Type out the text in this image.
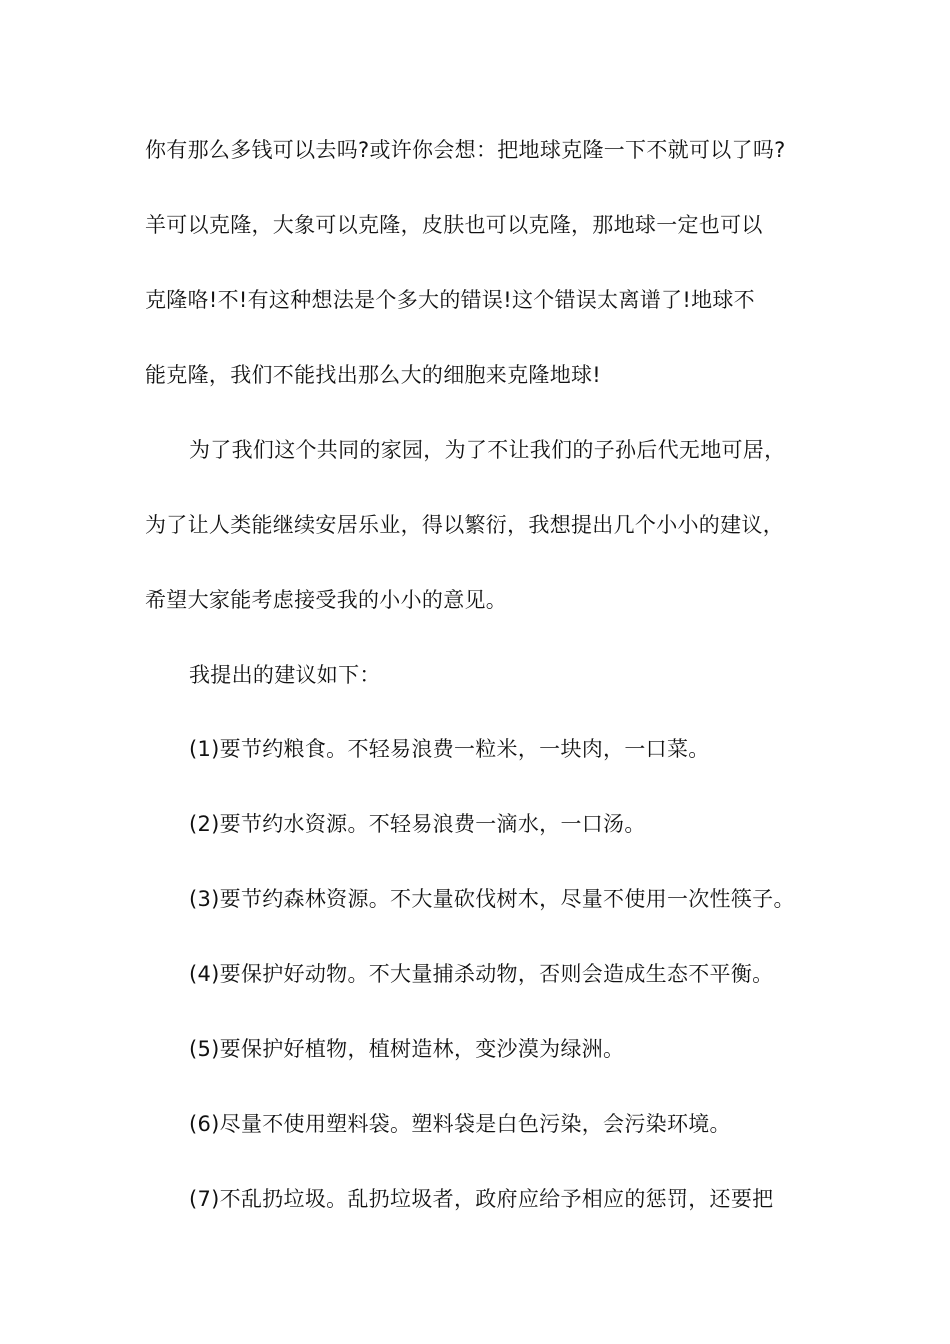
你有那么多钱可以去吗?或许你会想：把地球克隆一下不就可以了吗?
羊可以克隆，大象可以克隆，皮肤也可以克隆，那地球一定也可以
克隆咯!不!有这种想法是个多大的错误!这个错误太离谱了!地球不
能克隆，我们不能找出那么大的细胞来克隆地球!
为了我们这个共同的家园，为了不让我们的子孙后代无地可居，
为了让人类能继续安居乐业，得以繁衍，我想提出几个小小的建议，
希望大家能考虑接受我的小小的意见。
我提出的建议如下：
(1)要节约粮食。不轻易浪费一粒米，一块肉，一口菜。
(2)要节约水资源。不轻易浪费一滴水，一口汤。
(3)要节约森林资源。不大量砍伐树木，尽量不使用一次性筷子。
(4)要保护好动物。不大量捕杀动物，否则会造成生态不平衡。
(5)要保护好植物，植树造林，变沙漠为绿洲。
(6)尽量不使用塑料袋。塑料袋是白色污染，会污染环境。
(7)不乱扔垃圾。乱扔垃圾者，政府应给予相应的惩罚，还要把
